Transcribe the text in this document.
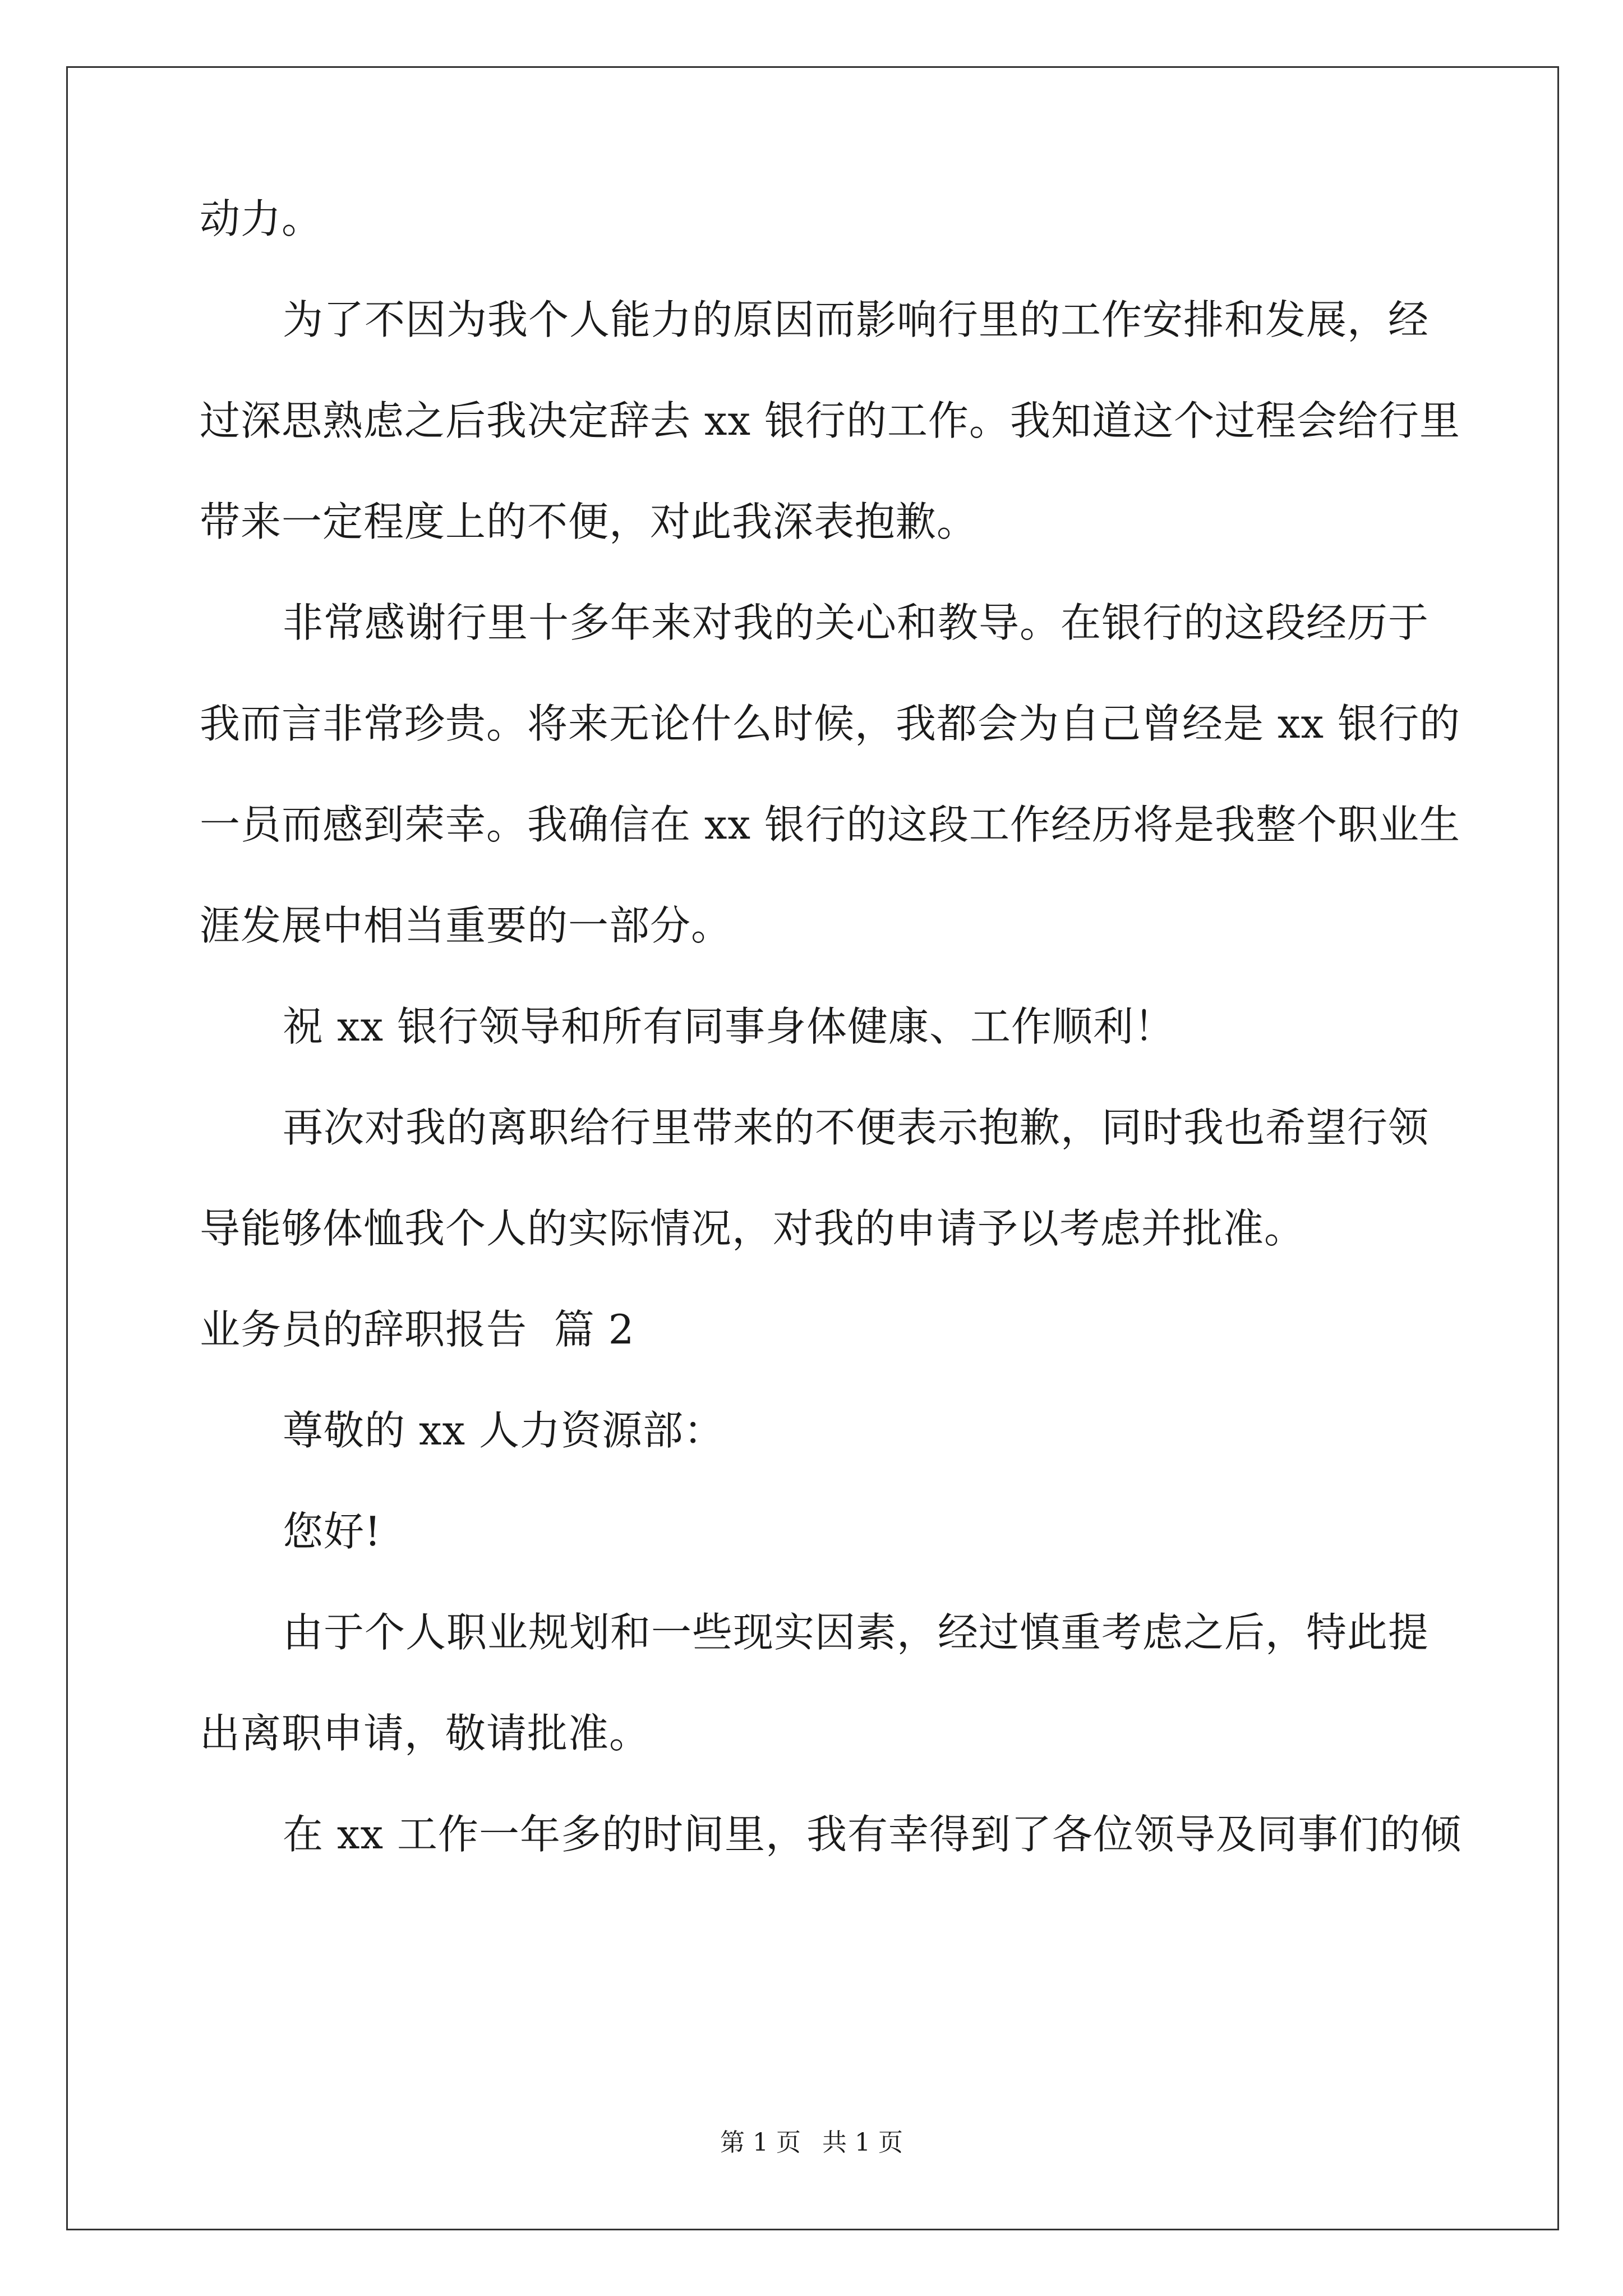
动力。
为了不因为我个人能力的原因而影响行里的工作安排和发展，经
过深思熟虑之后我决定辞去 xx 银行的工作。我知道这个过程会给行里
带来一定程度上的不便，对此我深表抱歉。
非常感谢行里十多年来对我的关心和教导。在银行的这段经历于
我而言非常珍贵。将来无论什么时候，我都会为自己曾经是 xx 银行的
一员而感到荣幸。我确信在 xx 银行的这段工作经历将是我整个职业生
涯发展中相当重要的一部分。
祝 xx 银行领导和所有同事身体健康、工作顺利！
再次对我的离职给行里带来的不便表示抱歉，同时我也希望行领
导能够体恤我个人的实际情况，对我的申请予以考虑并批准。
业务员的辞职报告  篇 2
尊敬的 xx 人力资源部：
您好!
由于个人职业规划和一些现实因素，经过慎重考虑之后，特此提
出离职申请，敬请批准。
在 xx 工作一年多的时间里，我有幸得到了各位领导及同事们的倾
第 1 页 共 1 页
